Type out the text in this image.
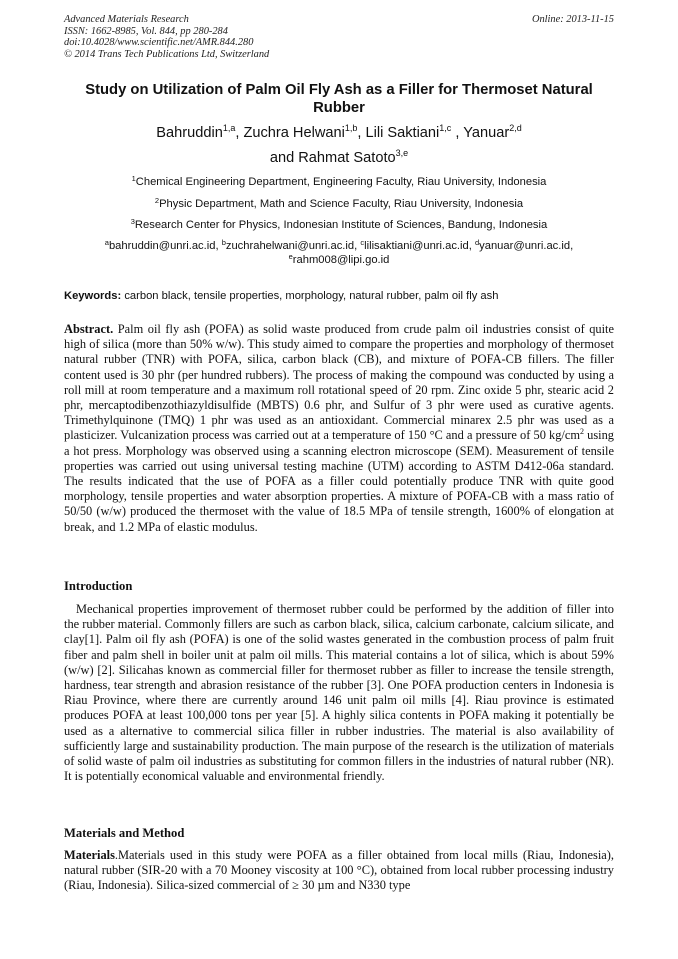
Advanced Materials Research
ISSN: 1662-8985, Vol. 844, pp 280-284
doi:10.4028/www.scientific.net/AMR.844.280
© 2014 Trans Tech Publications Ltd, Switzerland
Online: 2013-11-15
Study on Utilization of Palm Oil Fly Ash as a Filler for Thermoset Natural Rubber
Bahruddin$^{1,a}$, Zuchra Helwani$^{1,b}$, Lili Saktiani$^{1,c}$ , Yanuar$^{2,d}$
and Rahmat Satoto$^{3,e}$
$^1$Chemical Engineering Department, Engineering Faculty, Riau University, Indonesia
$^2$Physic Department, Math and Science Faculty, Riau University, Indonesia
$^3$Research Center for Physics, Indonesian Institute of Sciences, Bandung, Indonesia
$^a$bahruddin@unri.ac.id, $^b$zuchrahelwani@unri.ac.id, $^c$lilisaktiani@unri.ac.id, $^d$yanuar@unri.ac.id,
$^e$rahm008@lipi.go.id
Keywords: carbon black, tensile properties, morphology, natural rubber, palm oil fly ash
Abstract. Palm oil fly ash (POFA) as solid waste produced from crude palm oil industries consist of quite high of silica (more than 50% w/w). This study aimed to compare the properties and morphology of thermoset natural rubber (TNR) with POFA, silica, carbon black (CB), and mixture of POFA-CB fillers. The filler content used is 30 phr (per hundred rubbers). The process of making the compound was conducted by using a roll mill at room temperature and a maximum roll rotational speed of 20 rpm. Zinc oxide 5 phr, stearic acid 2 phr, mercaptodibenzothiazyldisulfide (MBTS) 0.6 phr, and Sulfur of 3 phr were used as curative agents. Trimethylquinone (TMQ) 1 phr was used as an antioxidant. Commercial minarex 2.5 phr was used as a plasticizer. Vulcanization process was carried out at a temperature of 150 °C and a pressure of 50 $kg/cm^2$ using a hot press. Morphology was observed using a scanning electron microscope (SEM). Measurement of tensile properties was carried out using universal testing machine (UTM) according to ASTM D412-06a standard. The results indicated that the use of POFA as a filler could potentially produce TNR with quite good morphology, tensile properties and water absorption properties. A mixture of POFA-CB with a mass ratio of 50/50 (w/w) produced the thermoset with the value of 18.5 MPa of tensile strength, 1600% of elongation at break, and 1.2 MPa of elastic modulus.
Introduction
Mechanical properties improvement of thermoset rubber could be performed by the addition of filler into the rubber material. Commonly fillers are such as carbon black, silica, calcium carbonate, calcium silicate, and clay[1]. Palm oil fly ash (POFA) is one of the solid wastes generated in the combustion process of palm fruit fiber and palm shell in boiler unit at palm oil mills. This material contains a lot of silica, which is about 59% (w/w) [2]. Silicahas known as commercial filler for thermoset rubber as filler to increase the tensile strength, hardness, tear strength and abrasion resistance of the rubber [3]. One POFA production centers in Indonesia is Riau Province, where there are currently around 146 unit palm oil mills [4]. Riau province is estimated produces POFA at least 100,000 tons per year [5]. A highly silica contents in POFA making it potentially be used as a alternative to commercial silica filler in rubber industries. The material is also availability of sufficiently large and sustainability production. The main purpose of the research is the utilization of materials of solid waste of palm oil industries as substituting for common fillers in the industries of natural rubber (NR). It is potentially economical valuable and environmental friendly.
Materials and Method
Materials.Materials used in this study were POFA as a filler obtained from local mills (Riau, Indonesia), natural rubber (SIR-20 with a 70 Mooney viscosity at 100 °C), obtained from local rubber processing industry (Riau, Indonesia). Silica-sized commercial of ≥ 30 µm and N330 type
